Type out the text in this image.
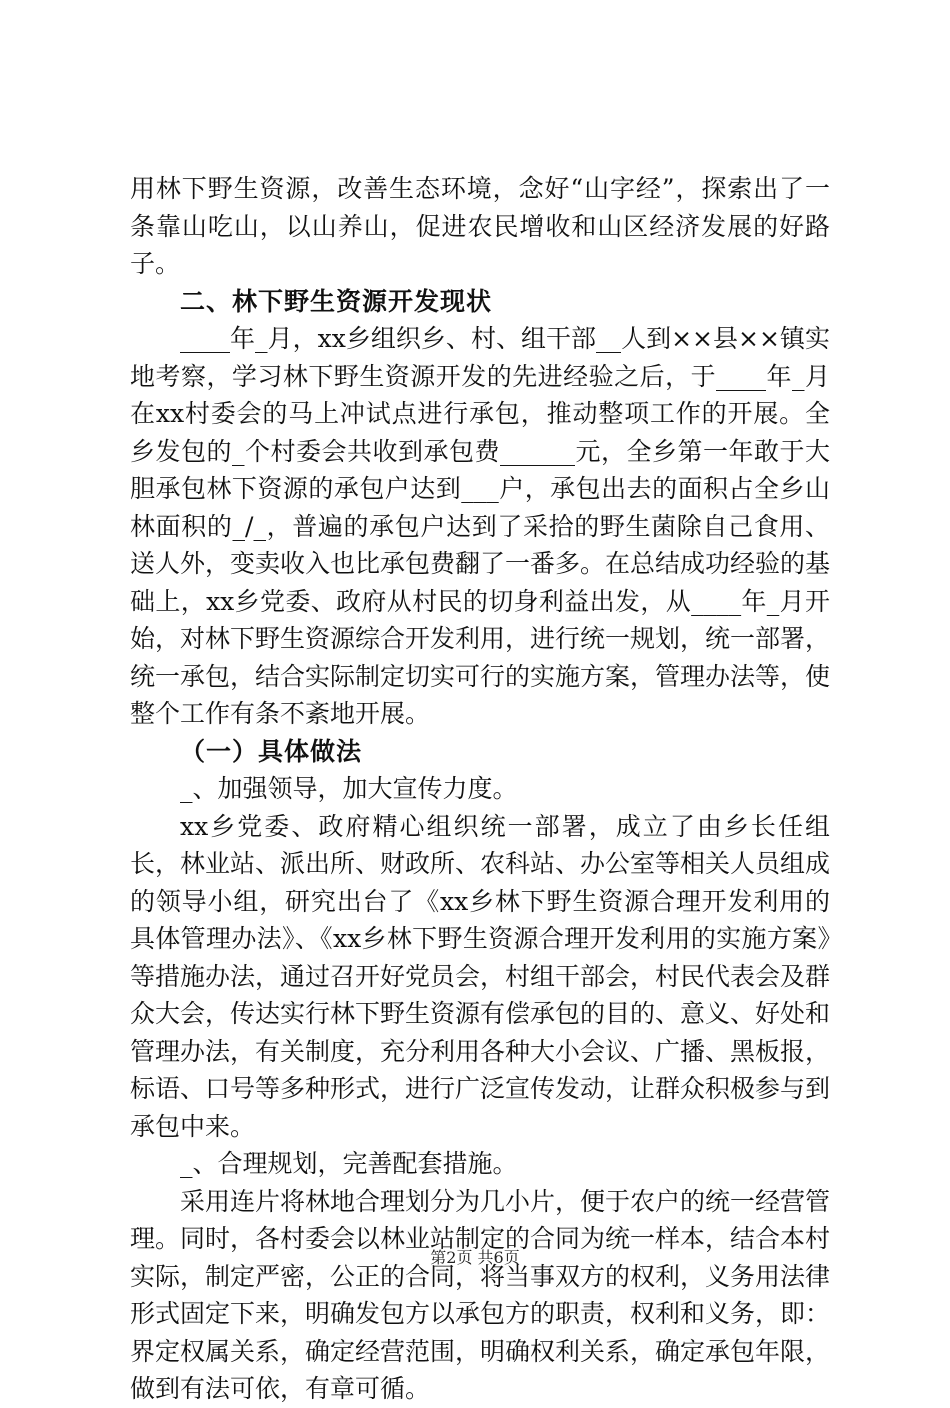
用林下野生资源，改善生态环境，念好“山字经”，探索出了一条靠山吃山，以山养山，促进农民增收和山区经济发展的好路子。

二、林下野生资源开发现状

____年_月，xx乡组织乡、村、组干部__人到××县××镇实地考察，学习林下野生资源开发的先进经验之后，于____年_月在xx村委会的马上冲试点进行承包，推动整项工作的开展。全乡发包的_个村委会共收到承包费______元，全乡第一年敢于大胆承包林下资源的承包户达到___户，承包出去的面积占全乡山林面积的_/_，普遍的承包户达到了采拾的野生菌除自己食用、送人外，变卖收入也比承包费翻了一番多。在总结成功经验的基础上，xx乡党委、政府从村民的切身利益出发，从____年_月开始，对林下野生资源综合开发利用，进行统一规划，统一部署，统一承包，结合实际制定切实可行的实施方案，管理办法等，使整个工作有条不紊地开展。

（一）具体做法

_、加强领导，加大宣传力度。

xx乡党委、政府精心组织统一部署，成立了由乡长任组长，林业站、派出所、财政所、农科站、办公室等相关人员组成的领导小组，研究出台了《xx乡林下野生资源合理开发利用的具体管理办法》、《xx乡林下野生资源合理开发利用的实施方案》等措施办法，通过召开好党员会，村组干部会，村民代表会及群众大会，传达实行林下野生资源有偿承包的目的、意义、好处和管理办法，有关制度，充分利用各种大小会议、广播、黑板报，标语、口号等多种形式，进行广泛宣传发动，让群众积极参与到承包中来。

_、合理规划，完善配套措施。

采用连片将林地合理划分为几小片，便于农户的统一经营管理。同时，各村委会以林业站制定的合同为统一样本，结合本村实际，制定严密，公正的合同，将当事双方的权利，义务用法律形式固定下来，明确发包方以承包方的职责，权利和义务，即：界定权属关系，确定经营范围，明确权利关系，确定承包年限，做到有法可依，有章可循。

第2页 共6页
